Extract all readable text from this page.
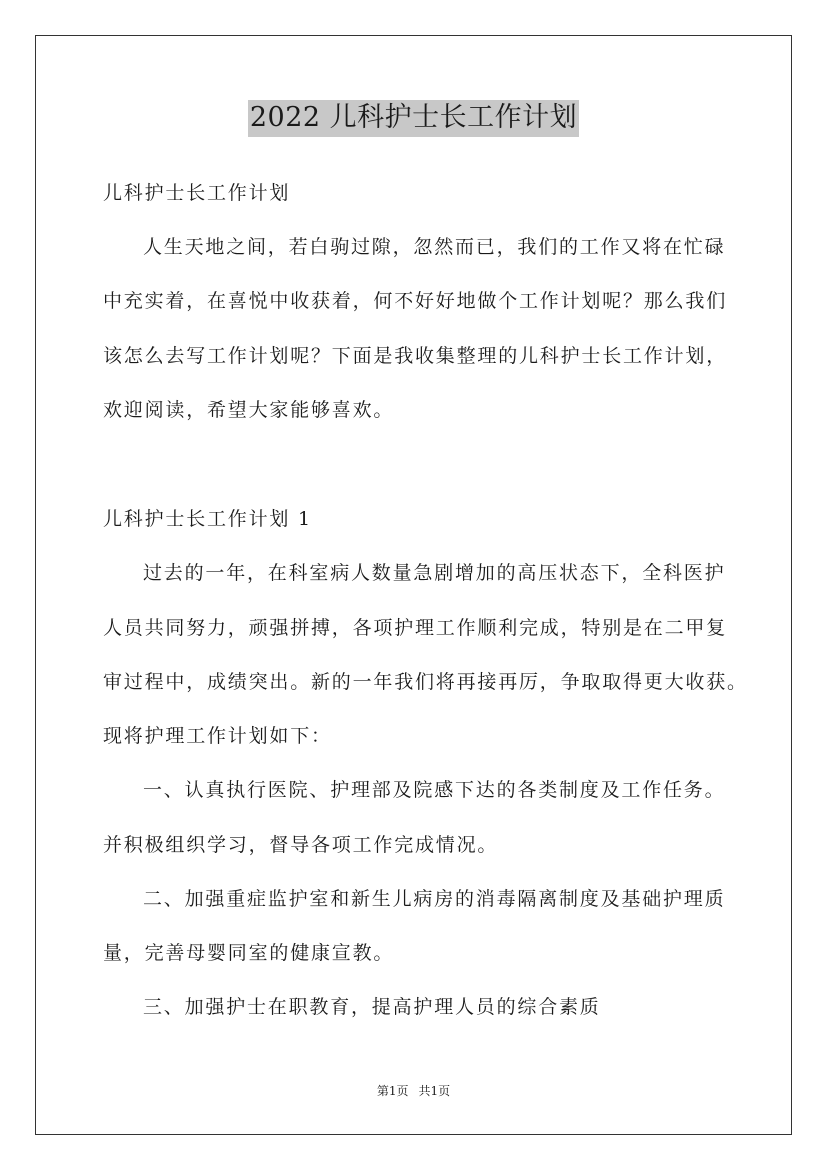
2022 儿科护士长工作计划
儿科护士长工作计划
人生天地之间，若白驹过隙，忽然而已，我们的工作又将在忙碌
中充实着，在喜悦中收获着，何不好好地做个工作计划呢？那么我们
该怎么去写工作计划呢？下面是我收集整理的儿科护士长工作计划，
欢迎阅读，希望大家能够喜欢。
儿科护士长工作计划 1
过去的一年，在科室病人数量急剧增加的高压状态下，全科医护
人员共同努力，顽强拼搏，各项护理工作顺利完成，特别是在二甲复
审过程中，成绩突出。新的一年我们将再接再厉，争取取得更大收获。
现将护理工作计划如下：
一、认真执行医院、护理部及院感下达的各类制度及工作任务。
并积极组织学习，督导各项工作完成情况。
二、加强重症监护室和新生儿病房的消毒隔离制度及基础护理质
量，完善母婴同室的健康宣教。
三、加强护士在职教育，提高护理人员的综合素质
第1页 共1页
